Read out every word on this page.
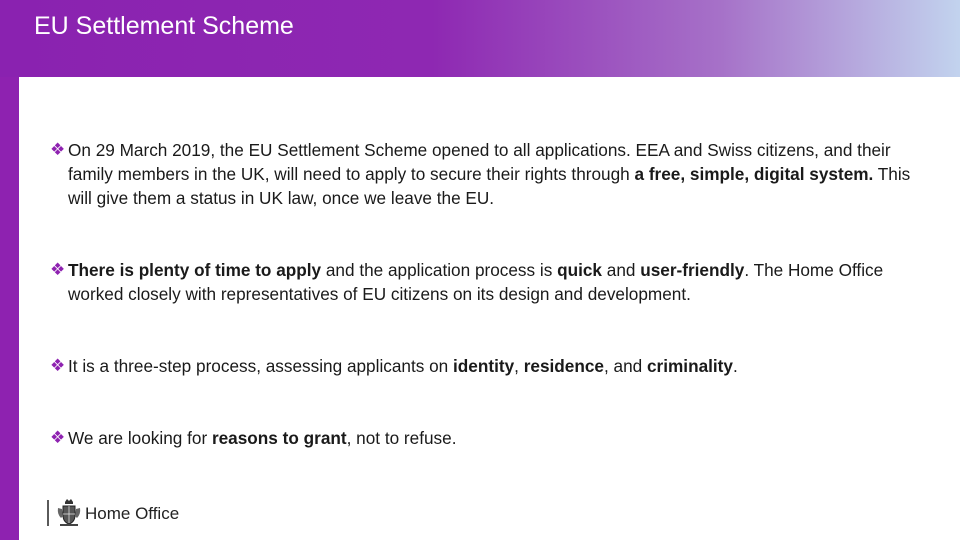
EU Settlement Scheme
❖ On 29 March 2019, the EU Settlement Scheme opened to all applications. EEA and Swiss citizens, and their family members in the UK, will need to apply to secure their rights through a free, simple, digital system. This will give them a status in UK law, once we leave the EU.
❖ There is plenty of time to apply and the application process is quick and user-friendly. The Home Office worked closely with representatives of EU citizens on its design and development.
❖ It is a three-step process, assessing applicants on identity, residence, and criminality.
❖ We are looking for reasons to grant, not to refuse.
Home Office
